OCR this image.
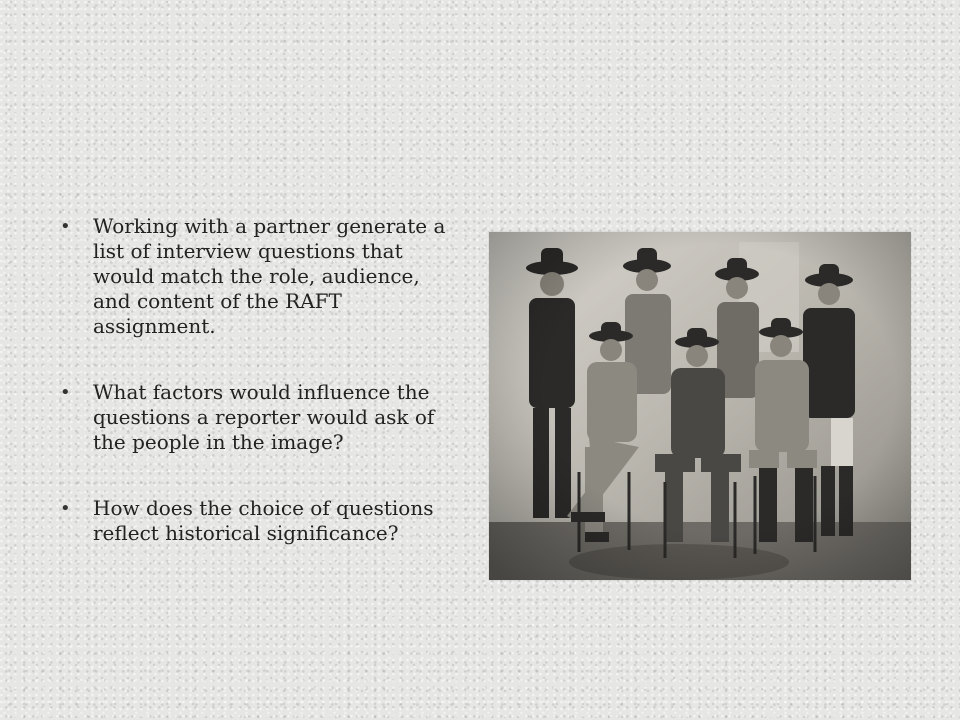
• Working with a partner generate a list of interview questions that would match the role, audience, and content of the RAFT assignment.
• What factors would influence the questions a reporter would ask of the people in the image?
• How does the choice of questions reflect historical significance?
